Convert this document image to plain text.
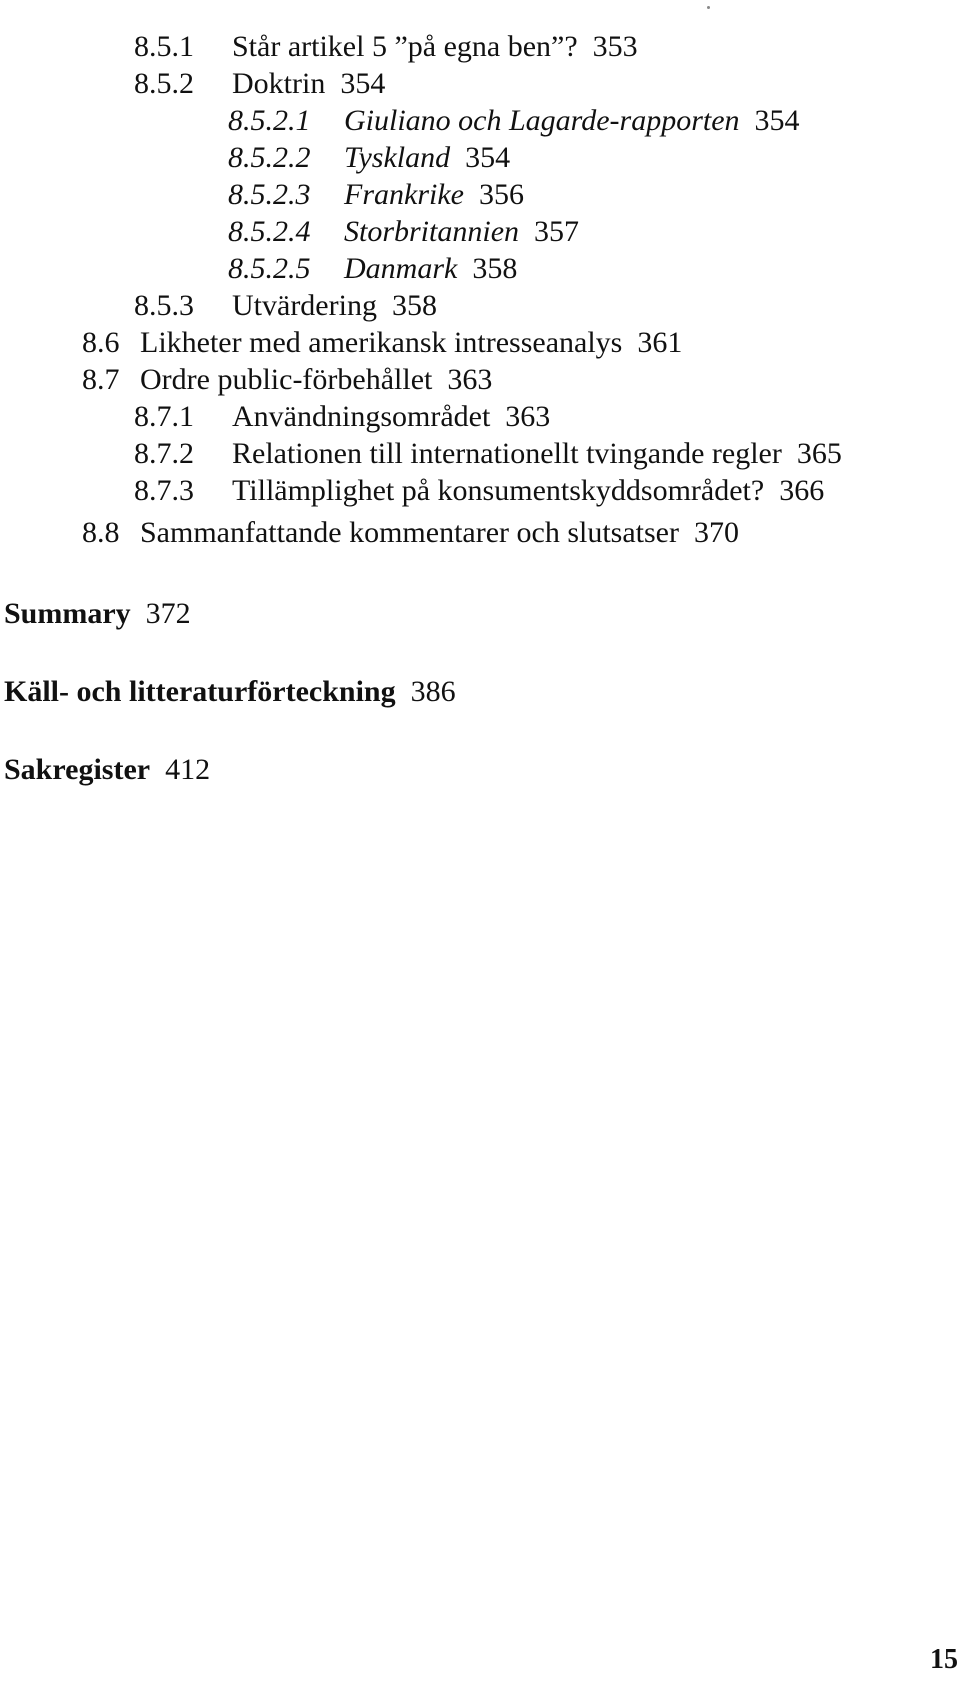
8.5.1 Står artikel 5 ”på egna ben”? 353
8.5.2 Doktrin 354
8.5.2.1 Giuliano och Lagarde-rapporten 354
8.5.2.2 Tyskland 354
8.5.2.3 Frankrike 356
8.5.2.4 Storbritannien 357
8.5.2.5 Danmark 358
8.5.3 Utvärdering 358
8.6 Likheter med amerikansk intresseanalys 361
8.7 Ordre public-förbehållet 363
8.7.1 Användningsområdet 363
8.7.2 Relationen till internationellt tvingande regler 365
8.7.3 Tillämplighet på konsumentskyddsområdet? 366
8.8 Sammanfattande kommentarer och slutsatser 370
Summary 372
Käll- och litteraturförteckning 386
Sakregister 412
15
